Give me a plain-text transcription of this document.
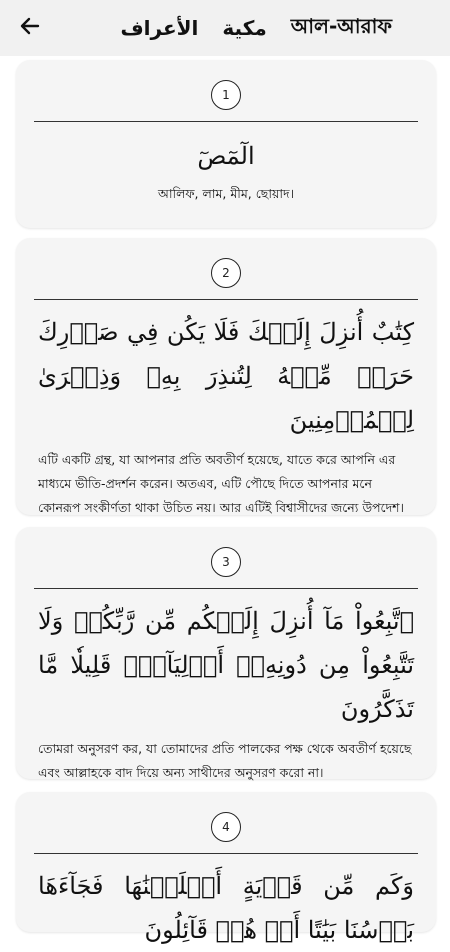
الأعراف مكية আল-আরাফ
1
الٓمٓصٓ
আলিফ, লাম, মীম, ছোয়াদ।
2
كِتَٰبٌ أُنزِلَ إِلَيۡكَ فَلَا يَكُن فِي صَدۡرِكَ حَرَجٞ مِّنۡهُ لِتُنذِرَ بِهِۦ وَذِكۡرَىٰ لِلۡمُؤۡمِنِينَ
এটি একটি গ্রন্থ, যা আপনার প্রতি অবতীর্ণ হয়েছে, যাতে করে আপনি এর মাধ্যমে ভীতি-প্রদর্শন করেন। অতএব, এটি পৌছে দিতে আপনার মনে কোনরূপ সংকীর্ণতা থাকা উচিত নয়। আর এটিই বিশ্বাসীদের জন্যে উপদেশ।
3
ٱتَّبِعُواْ مَآ أُنزِلَ إِلَيۡكُم مِّن رَّبِّكُمۡ وَلَا تَتَّبِعُواْ مِن دُونِهِۦٓ أَوۡلِيَآءَۗ قَلِيلٗا مَّا تَذَكَّرُونَ
তোমরা অনুসরণ কর, যা তোমাদের প্রতি পালকের পক্ষ থেকে অবতীর্ণ হয়েছে এবং আল্লাহকে বাদ দিয়ে অন্য সাথীদের অনুসরণ করো না।
4
وَكَم مِّن قَرۡيَةٍ أَهۡلَكۡنَٰهَا فَجَآءَهَا بَأۡسُنَا بَيَٰتًا أَوۡ هُمۡ قَآئِلُونَ
